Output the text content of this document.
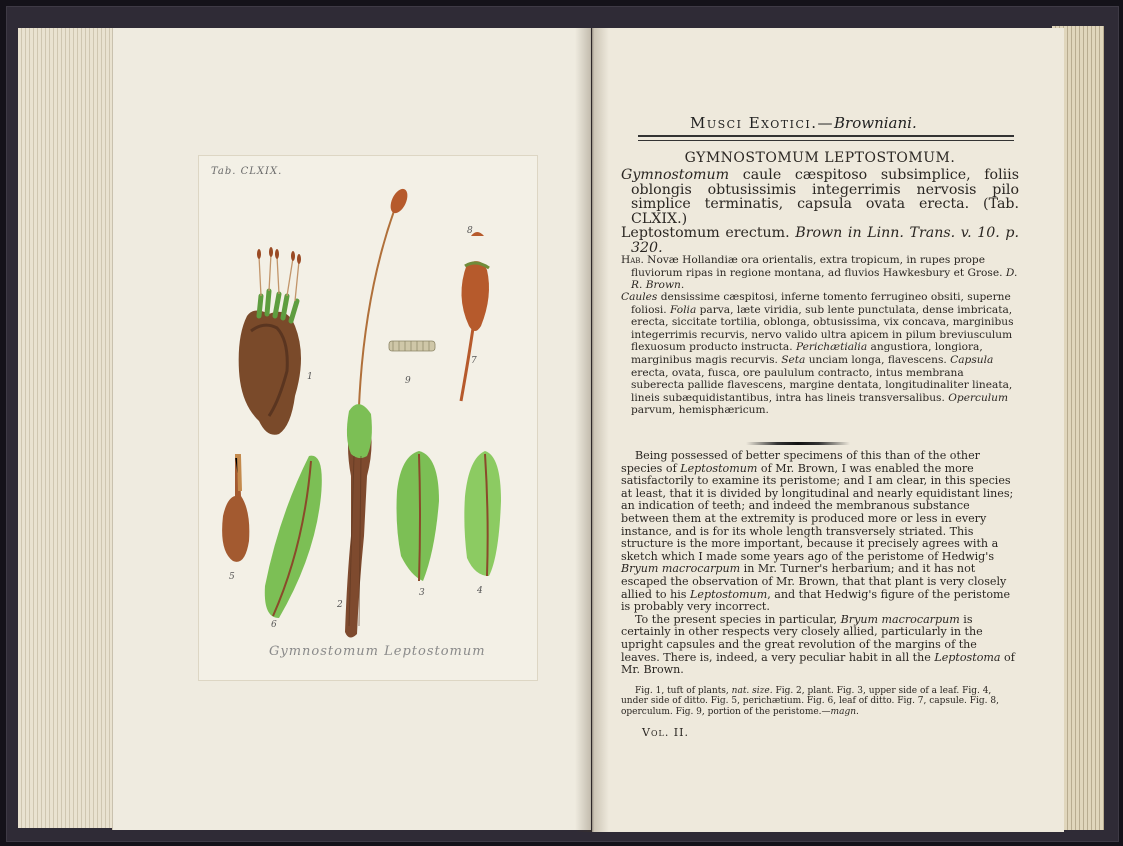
Tab. CLXIX.
1
2
3	4
5
6
7
8
9
Gymnostomum Leptostomum
Musci Exotici.—Browniani.
GYMNOSTOMUM LEPTOSTOMUM.

Gymnostomum caule cæspitoso subsimplice, foliis oblongis obtusissimis integerrimis nervosis pilo simplice terminatis, capsula ovata erecta. (Tab. CLXIX.)

Leptostomum erectum. Brown in Linn. Trans. v. 10. p. 320.

Hab. Novæ Hollandiæ ora orientalis, extra tropicum, in rupes prope fluviorum ripas in regione montana, ad fluvios Hawkesbury et Grose. D. R. Brown.

Caules densissime cæspitosi, inferne tomento ferrugineo obsiti, superne foliosi. Folia parva, læte viridia, sub lente punctulata, dense imbricata, erecta, siccitate tortilia, oblonga, obtusissima, vix concava, marginibus integerrimis recurvis, nervo valido ultra apicem in pilum breviusculum flexuosum producto instructa. Perichætialia angustiora, longiora, marginibus magis recurvis. Seta unciam longa, flavescens. Capsula erecta, ovata, fusca, ore paululum contracto, intus membrana suberecta pallide flavescens, margine dentata, longitudinaliter lineata, lineis subæquidistantibus, intra has lineis transversalibus. Operculum parvum, hemisphæricum.

Being possessed of better specimens of this than of the other species of Leptostomum of Mr. Brown, I was enabled the more satisfactorily to examine its peristome; and I am clear, in this species at least, that it is divided by longitudinal and nearly equidistant lines; an indication of teeth; and indeed the membranous substance between them at the extremity is produced more or less in every instance, and is for its whole length transversely striated. This structure is the more important, because it precisely agrees with a sketch which I made some years ago of the peristome of Hedwig's Bryum macrocarpum in Mr. Turner's herbarium; and it has not escaped the observation of Mr. Brown, that that plant is very closely allied to his Leptostomum, and that Hedwig's figure of the peristome is probably very incorrect.

To the present species in particular, Bryum macrocarpum is certainly in other respects very closely allied, particularly in the upright capsules and the great revolution of the margins of the leaves. There is, indeed, a very peculiar habit in all the Leptostoma of Mr. Brown.

Fig. 1, tuft of plants, nat. size. Fig. 2, plant. Fig. 3, upper side of a leaf. Fig. 4, under side of ditto. Fig. 5, perichætium. Fig. 6, leaf of ditto. Fig. 7, capsule. Fig. 8, operculum. Fig. 9, portion of the peristome.—magn.

Vol. II.
